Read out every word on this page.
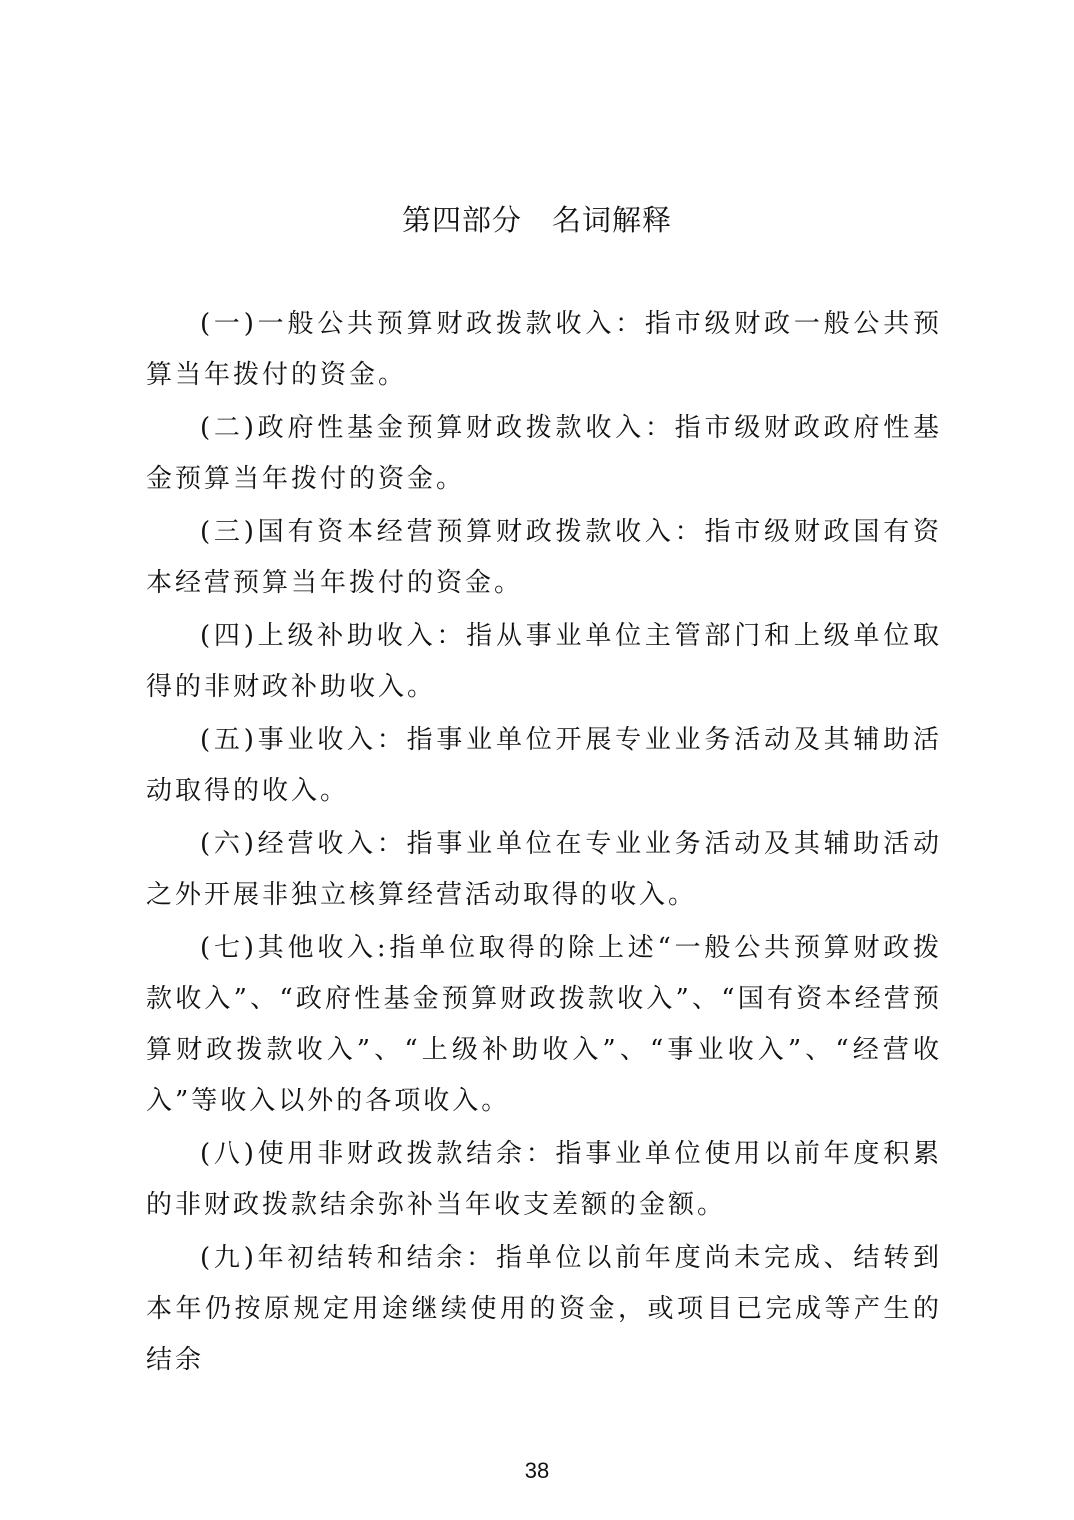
第四部分　名词解释

(一)一般公共预算财政拨款收入：指市级财政一般公共预算当年拨付的资金。

(二)政府性基金预算财政拨款收入：指市级财政政府性基金预算当年拨付的资金。

(三)国有资本经营预算财政拨款收入：指市级财政国有资本经营预算当年拨付的资金。

(四)上级补助收入：指从事业单位主管部门和上级单位取得的非财政补助收入。

(五)事业收入：指事业单位开展专业业务活动及其辅助活动取得的收入。

(六)经营收入：指事业单位在专业业务活动及其辅助活动之外开展非独立核算经营活动取得的收入。

(七)其他收入:指单位取得的除上述“一般公共预算财政拨款收入”、“政府性基金预算财政拨款收入”、“国有资本经营预算财政拨款收入”、“上级补助收入”、“事业收入”、“经营收入”等收入以外的各项收入。

(八)使用非财政拨款结余：指事业单位使用以前年度积累的非财政拨款结余弥补当年收支差额的金额。

(九)年初结转和结余：指单位以前年度尚未完成、结转到本年仍按原规定用途继续使用的资金，或项目已完成等产生的结余

38
